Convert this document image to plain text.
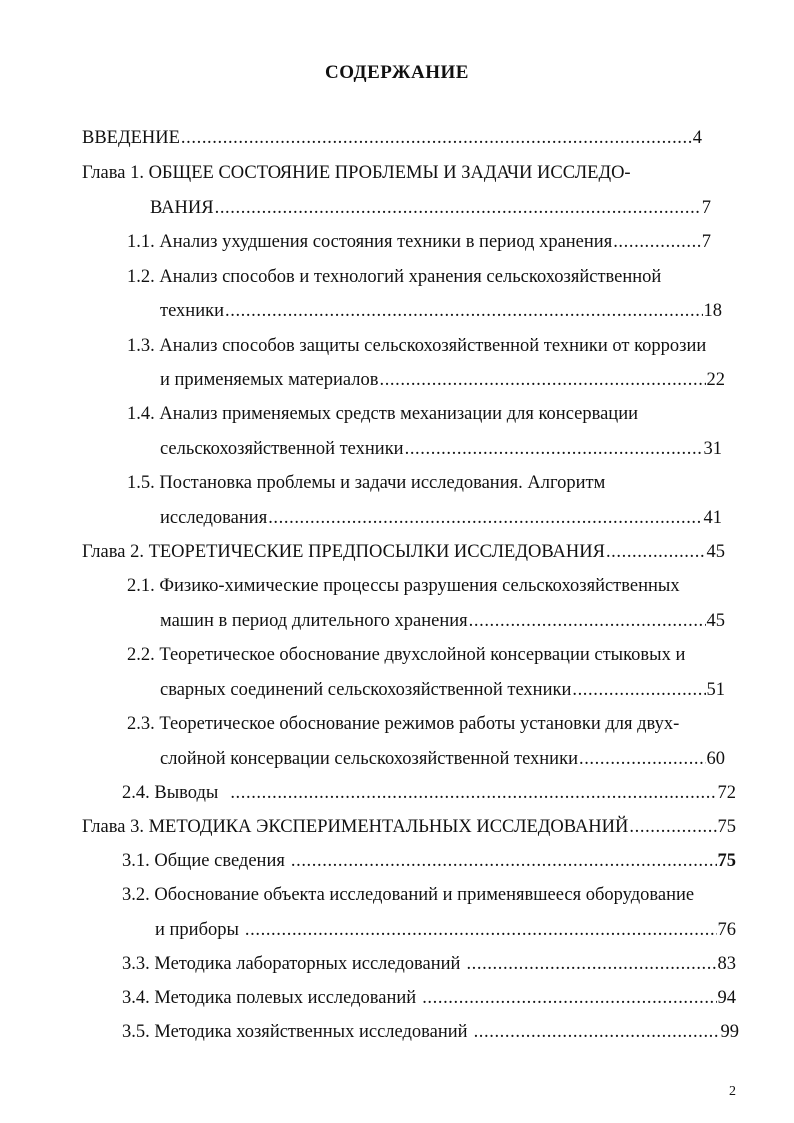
СОДЕРЖАНИЕ
ВВЕДЕНИЕ .....	4
Глава 1. ОБЩЕЕ СОСТОЯНИЕ ПРОБЛЕМЫ И ЗАДАЧИ ИССЛЕДО-
ВАНИЯ .....	7
1.1. Анализ ухудшения состояния техники в период хранения .....	7
1.2. Анализ способов и технологий хранения сельскохозяйственной
техники .....	18
1.3. Анализ способов защиты сельскохозяйственной техники от коррозии
и применяемых материалов .....	22
1.4. Анализ применяемых средств механизации для консервации
сельскохозяйственной техники .....	31
1.5. Постановка проблемы и задачи исследования. Алгоритм
исследования .....	41
Глава 2. ТЕОРЕТИЧЕСКИЕ ПРЕДПОСЫЛКИ ИССЛЕДОВАНИЯ .....	45
2.1. Физико-химические процессы разрушения сельскохозяйственных
машин в период длительного хранения .....	45
2.2. Теоретическое обоснование двухслойной консервации стыковых и
сварных соединений сельскохозяйственной техники .....	51
2.3. Теоретическое обоснование режимов работы установки для двух-
слойной консервации сельскохозяйственной техники .....	60
2.4. Выводы .....	72
Глава 3. МЕТОДИКА ЭКСПЕРИМЕНТАЛЬНЫХ ИССЛЕДОВАНИЙ .....	75
3.1. Общие сведения .....	75
3.2. Обоснование объекта исследований и применявшееся оборудование
и приборы .....	76
3.3. Методика лабораторных исследований .....	83
3.4. Методика полевых исследований .....	94
3.5. Методика хозяйственных исследований .....	99
2
